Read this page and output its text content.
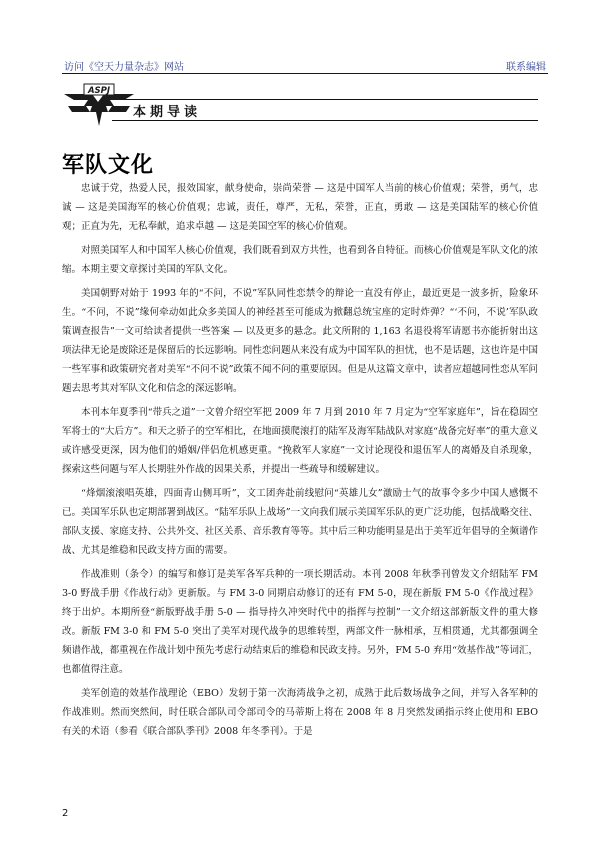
访问《空天力量杂志》网站	联系编辑
ASPJ
本期导读
军队文化

忠诚于党，热爱人民，报效国家，献身使命，崇尚荣誉 — 这是中国军人当前的核心价值观；荣誉，勇气，忠诚 — 这是美国海军的核心价值观；忠诚，责任，尊严，无私，荣誉，正直，勇敢 — 这是美国陆军的核心价值观；正直为先，无私奉献，追求卓越 — 这是美国空军的核心价值观。

对照美国军人和中国军人核心价值观，我们既看到双方共性，也看到各自特征。而核心价值观是军队文化的浓缩。本期主要文章探讨美国的军队文化。

美国朝野对始于 1993 年的“不问，不说”军队同性恋禁令的辩论一直没有停止，最近更是一波多折，险象环生。“不问，不说”缘何牵动如此众多美国人的神经甚至可能成为掀翻总统宝座的定时炸弹？“‘不问，不说’军队政策调查报告”一文可给读者提供一些答案 — 以及更多的悬念。此文所附的 1,163 名退役将军请愿书亦能折射出这项法律无论是废除还是保留后的长远影响。同性恋问题从来没有成为中国军队的担忧，也不是话题，这也许是中国一些军事和政策研究者对美军“不问不说”政策不闻不问的重要原因。但是从这篇文章中，读者应超越同性恋从军问题去思考其对军队文化和信念的深远影响。

本刊本年夏季刊“带兵之道”一文曾介绍空军把 2009 年 7 月到 2010 年 7 月定为“空军家庭年”，旨在稳固空军将士的“大后方”。和天之骄子的空军相比，在地面摸爬滚打的陆军及海军陆战队对家庭“战备完好率”的重大意义或许感受更深，因为他们的婚姻/伴侣危机感更重。“挽救军人家庭”一文讨论现役和退伍军人的离婚及自杀现象，探索这些问题与军人长期驻外作战的因果关系，并提出一些疏导和缓解建议。

“烽烟滚滚唱英雄，四面青山侧耳听”，文工团奔赴前线慰问“英雄儿女”激励士气的故事令多少中国人感慨不已。美国军乐队也定期部署到战区。“陆军乐队上战场”一文向我们展示美国军乐队的更广泛功能，包括战略交往、部队支援、家庭支持、公共外交、社区关系、音乐教育等等。其中后三种功能明显是出于美军近年倡导的全频谱作战、尤其是维稳和民政支持方面的需要。

作战准则（条令）的编写和修订是美军各军兵种的一项长期活动。本刊 2008 年秋季刊曾发文介绍陆军 FM 3-0 野战手册《作战行动》更新版。与 FM 3-0 同期启动修订的还有 FM 5-0，现在新版 FM 5-0《作战过程》终于出炉。本期所登“新版野战手册 5-0 — 指导持久冲突时代中的指挥与控制”一文介绍这部新版文件的重大修改。新版 FM 3-0 和 FM 5-0 突出了美军对现代战争的思维转型，两部文件一脉相承，互相贯通，尤其都强调全频谱作战，都重视在作战计划中预先考虑行动结束后的维稳和民政支持。另外，FM 5-0 弃用“效基作战”等词汇，也都值得注意。

美军创造的效基作战理论（EBO）发轫于第一次海湾战争之初，成熟于此后数场战争之间，并写入各军种的作战准则。然而突然间，时任联合部队司令部司令的马蒂斯上将在 2008 年 8 月突然发函指示终止使用和 EBO 有关的术语（参看《联合部队季刊》2008 年冬季刊）。于是

2
